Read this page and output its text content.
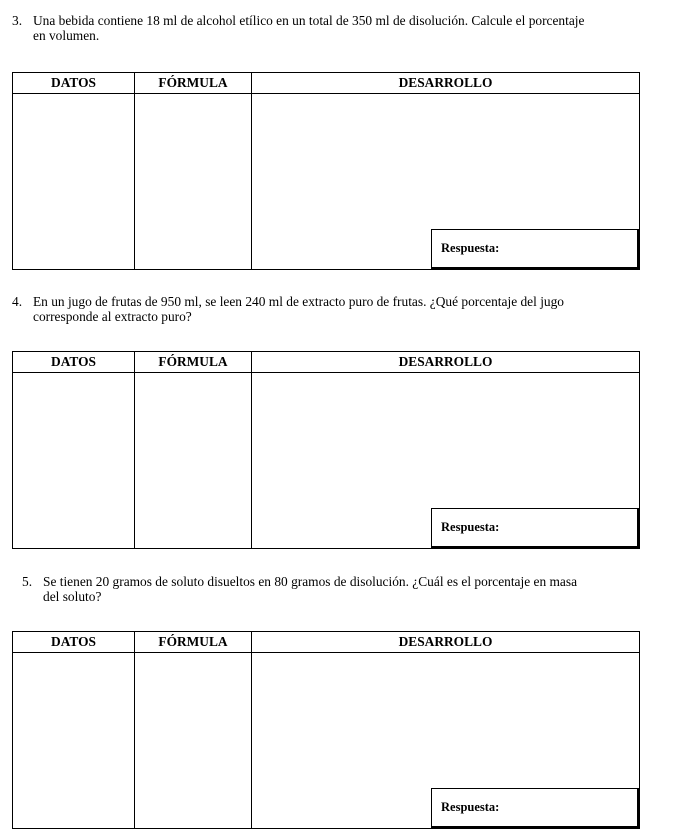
3. Una bebida contiene 18 ml de alcohol etílico en un total de 350 ml de disolución. Calcule el porcentaje
en volumen.
DATOS	FÓRMULA	DESARROLLO
Respuesta:
4. En un jugo de frutas de 950 ml, se leen 240 ml de extracto puro de frutas. ¿Qué porcentaje del jugo
corresponde al extracto puro?
DATOS	FÓRMULA	DESARROLLO
Respuesta:
5. Se tienen 20 gramos de soluto disueltos en 80 gramos de disolución. ¿Cuál es el porcentaje en masa
del soluto?
DATOS	FÓRMULA	DESARROLLO
Respuesta:
